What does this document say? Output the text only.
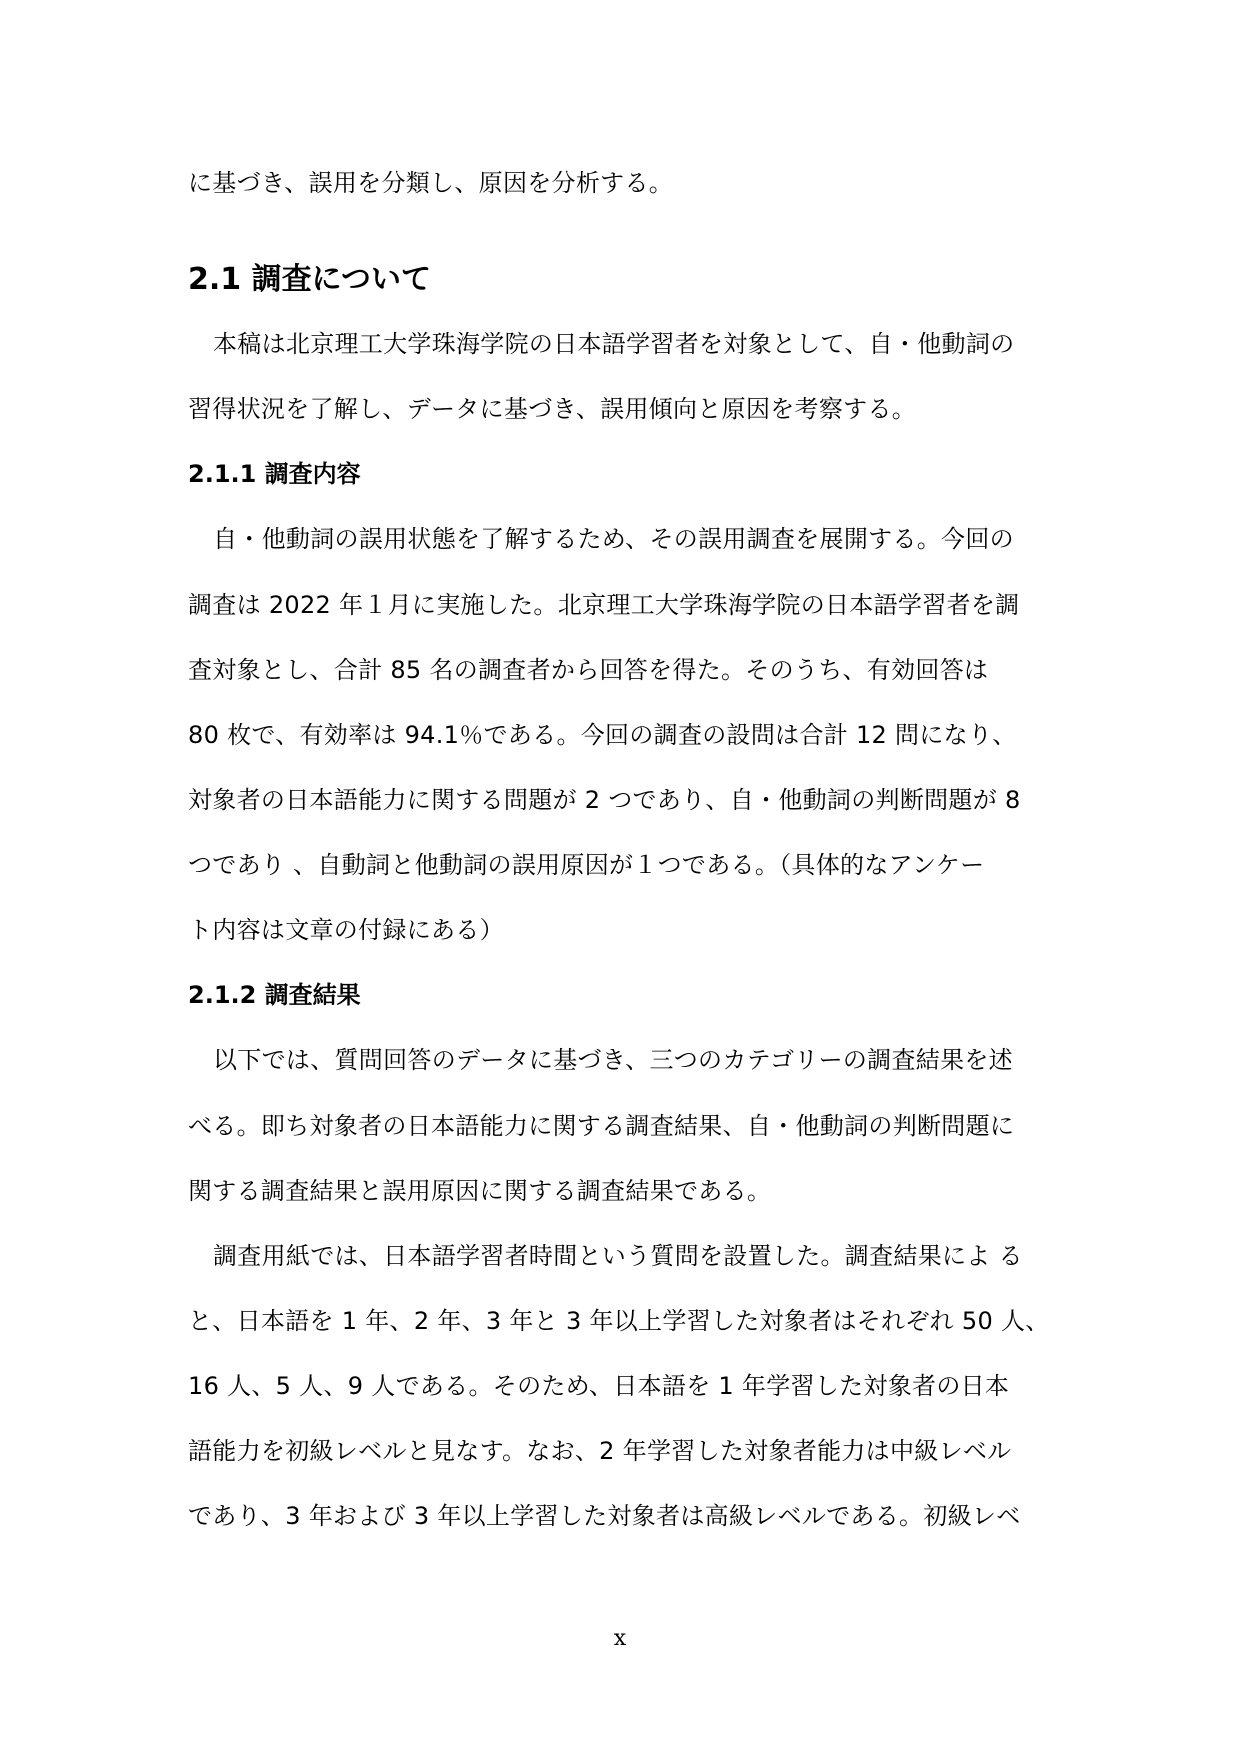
に基づき、誤用を分類し、原因を分析する。
2.1 調査について
本稿は北京理工大学珠海学院の日本語学習者を対象として、自・他動詞の
習得状況を了解し、データに基づき、誤用傾向と原因を考察する。
2.1.1 調査内容
自・他動詞の誤用状態を了解するため、その誤用調査を展開する。今回の
調査は 2022 年１月に実施した。北京理工大学珠海学院の日本語学習者を調
査対象とし、合計 85 名の調査者から回答を得た。そのうち、有効回答は
80 枚で、有効率は 94.1％である。今回の調査の設問は合計 12 問になり、
対象者の日本語能力に関する問題が 2 つであり、自・他動詞の判断問題が 8
つであり 、自動詞と他動詞の誤用原因が１つである。（具体的なアンケー
ト内容は文章の付録にある）
2.1.2 調査結果
以下では、質問回答のデータに基づき、三つのカテゴリーの調査結果を述
べる。即ち対象者の日本語能力に関する調査結果、自・他動詞の判断問題に
関する調査結果と誤用原因に関する調査結果である。
調査用紙では、日本語学習者時間という質問を設置した。調査結果によ る
と、日本語を 1 年、2 年、3 年と 3 年以上学習した対象者はそれぞれ 50 人、
16 人、5 人、9 人である。そのため、日本語を 1 年学習した対象者の日本
語能力を初級レベルと見なす。なお、2 年学習した対象者能力は中級レベル
であり、3 年および 3 年以上学習した対象者は高級レベルである。初級レベ
x
